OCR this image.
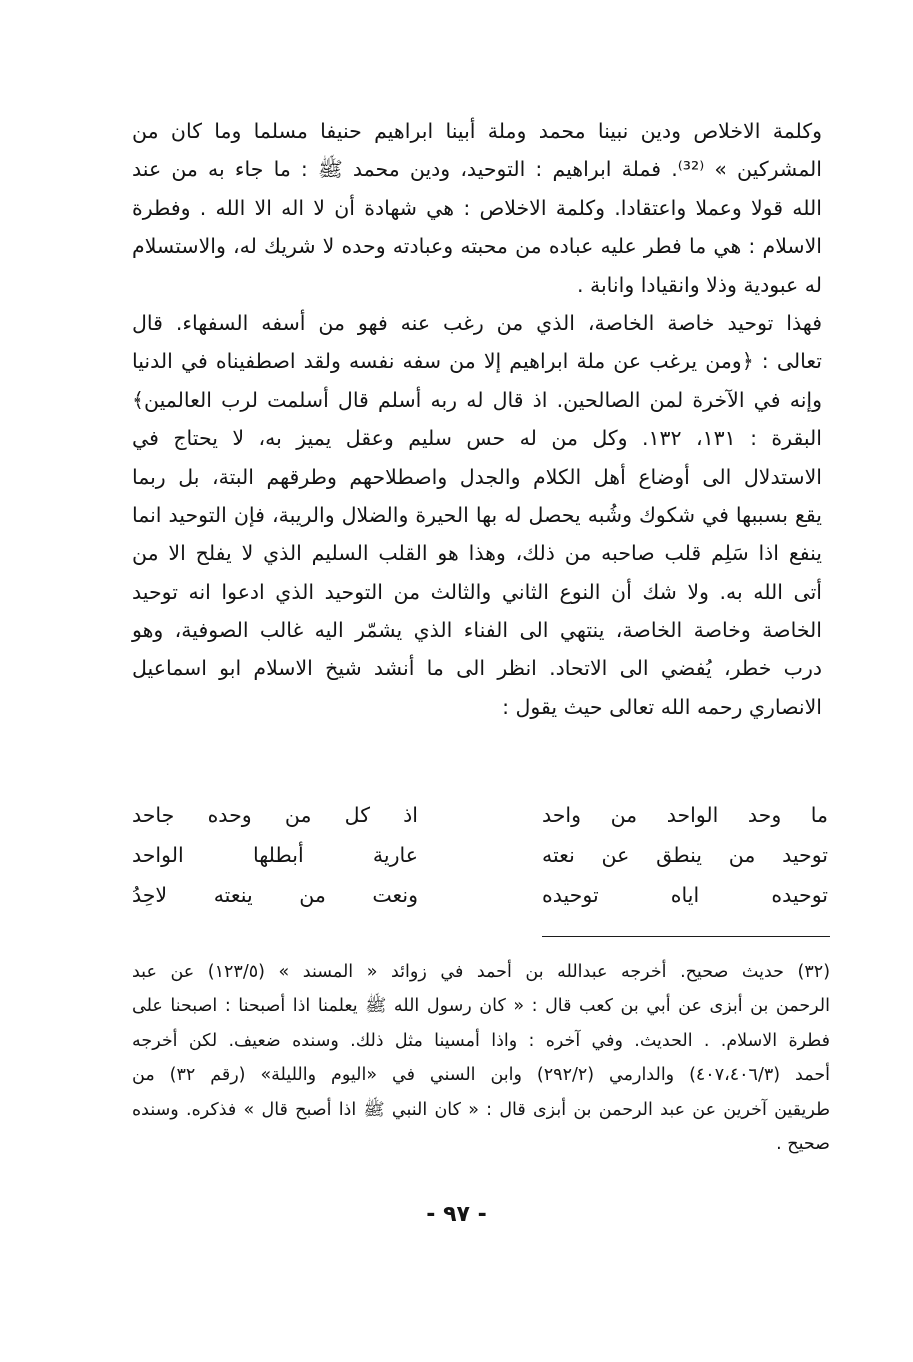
وكلمة الاخلاص ودين نبينا محمد وملة أبينا ابراهيم حنيفا مسلما وما كان من
المشركين » ⁽³²⁾. فملة ابراهيم : التوحيد، ودين محمد ﷺ : ما جاء به من عند
الله قولا وعملا واعتقادا. وكلمة الاخلاص : هي شهادة أن لا اله الا الله . وفطرة
الاسلام : هي ما فطر عليه عباده من محبته وعبادته وحده لا شريك له، والاستسلام
له عبودية وذلا وانقيادا وانابة .
فهذا توحيد خاصة الخاصة، الذي من رغب عنه فهو من أسفه السفهاء. قال
تعالى : ﴿ومن يرغب عن ملة ابراهيم إلا من سفه نفسه ولقد اصطفيناه في الدنيا
وإنه في الآخرة لمن الصالحين. اذ قال له ربه أسلم قال أسلمت لرب العالمين﴾
البقرة : ١٣١، ١٣٢. وكل من له حس سليم وعقل يميز به، لا يحتاج في
الاستدلال الى أوضاع أهل الكلام والجدل واصطلاحهم وطرقهم البتة، بل ربما
يقع بسببها في شكوك وشُبه يحصل له بها الحيرة والضلال والريبة، فإن التوحيد انما
ينفع اذا سَلِم قلب صاحبه من ذلك، وهذا هو القلب السليم الذي لا يفلح الا من
أتى الله به. ولا شك أن النوع الثاني والثالث من التوحيد الذي ادعوا انه توحيد
الخاصة وخاصة الخاصة، ينتهي الى الفناء الذي يشمّر اليه غالب الصوفية، وهو
درب خطر، يُفضي الى الاتحاد. انظر الى ما أنشد شيخ الاسلام ابو اسماعيل
الانصاري رحمه الله تعالى حيث يقول :
ما وحد الواحد من واحد
اذ كل من وحده جاحد
توحيد من ينطق عن نعته
عارية أبطلها الواحد
توحيده اياه توحيده
ونعت من ينعته لاحِدُ
(٣٢) حديث صحيح. أخرجه عبدالله بن أحمد في زوائد « المسند » (١٢٣/٥) عن عبد
الرحمن بن أبزى عن أبي بن كعب قال : « كان رسول الله ﷺ يعلمنا اذا أصبحنا : اصبحنا على
فطرة الاسلام. . الحديث. وفي آخره : واذا أمسينا مثل ذلك. وسنده ضعيف. لكن أخرجه
أحمد (٤٠٧،٤٠٦/٣) والدارمي (٢٩٢/٢) وابن السني في «اليوم والليلة» (رقم ٣٢) من
طريقين آخرين عن عبد الرحمن بن أبزى قال : « كان النبي ﷺ اذا أصبح قال » فذكره. وسنده
صحيح .
- ٩٧ -
